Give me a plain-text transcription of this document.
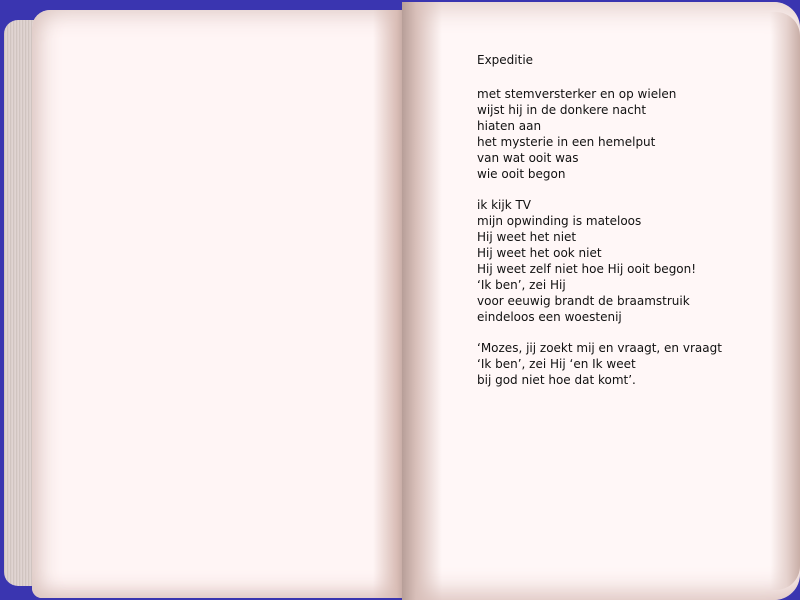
Expeditie
met stemversterker en op wielen
wijst hij in de donkere nacht
hiaten aan
het mysterie in een hemelput
van wat ooit was
wie ooit begon
ik kijk TV
mijn opwinding is mateloos
Hij weet het niet
Hij weet het ook niet
Hij weet zelf niet hoe Hij ooit begon!
‘Ik ben’, zei Hij
voor eeuwig brandt de braamstruik
eindeloos een woestenij
‘Mozes, jij zoekt mij en vraagt, en vraagt
‘Ik ben’, zei Hij ‘en Ik weet
bij god niet hoe dat komt’.
